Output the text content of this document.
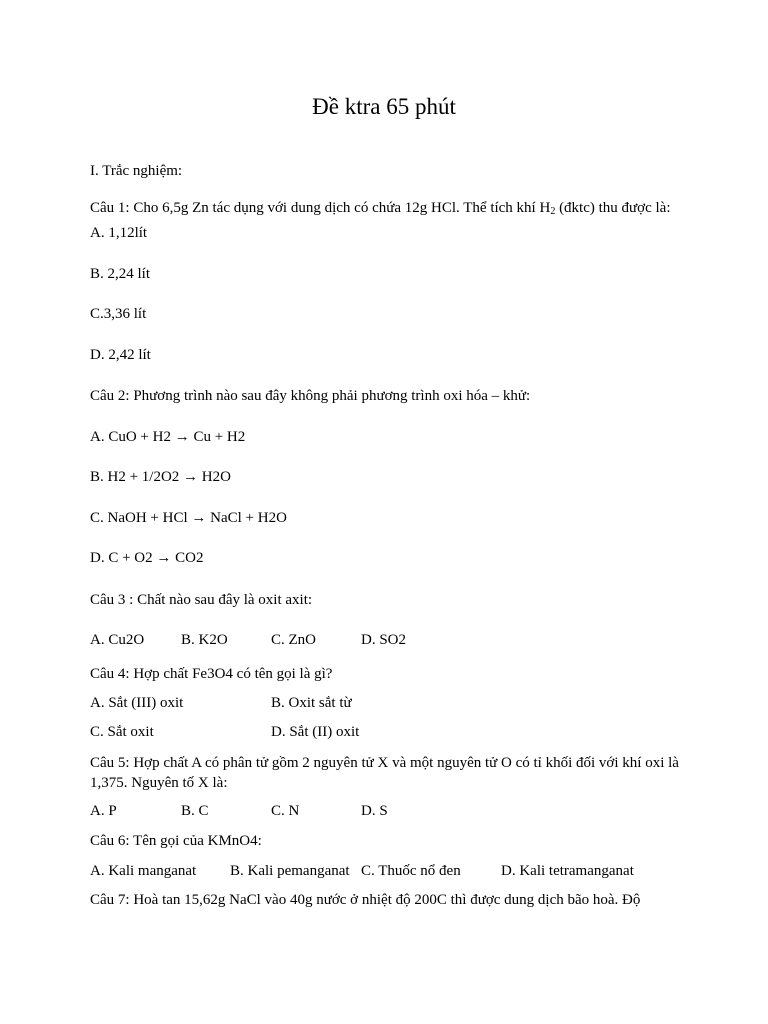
Đề ktra 65 phút
I. Trắc nghiệm:
Câu 1: Cho 6,5g Zn tác dụng với dung dịch có chứa 12g HCl. Thể tích khí $H_2$ (đktc) thu được là:
A. 1,12lít
B. 2,24 lít
C.3,36 lít
D. 2,42 lít
Câu 2: Phương trình nào sau đây không phải phương trình oxi hóa – khử:
A. CuO + H2 → Cu + H2
B. H2 + 1/2O2 → H2O
C. NaOH + HCl → NaCl + H2O
D. C + O2 → CO2
Câu 3 : Chất nào sau đây là oxit axit:
A. Cu2O B. K2O	C. ZnO	D. SO2
Câu 4: Hợp chất Fe3O4 có tên gọi là gì?
A. Sắt (III) oxit	B. Oxit sắt từ
C. Sắt oxit	D. Sắt (II) oxit
Câu 5: Hợp chất A có phân tử gồm 2 nguyên tử X và một nguyên tử O có tỉ khối đối với khí oxi là 1,375. Nguyên tố X là:
A. P	B. C	C. N	D. S
Câu 6: Tên gọi của KMnO4:
A. Kali manganat B. Kali pemanganat C. Thuốc nổ đen	D. Kali tetramanganat
Câu 7: Hoà tan 15,62g NaCl vào 40g nước ở nhiệt độ 200C thì được dung dịch bão hoà. Độ
